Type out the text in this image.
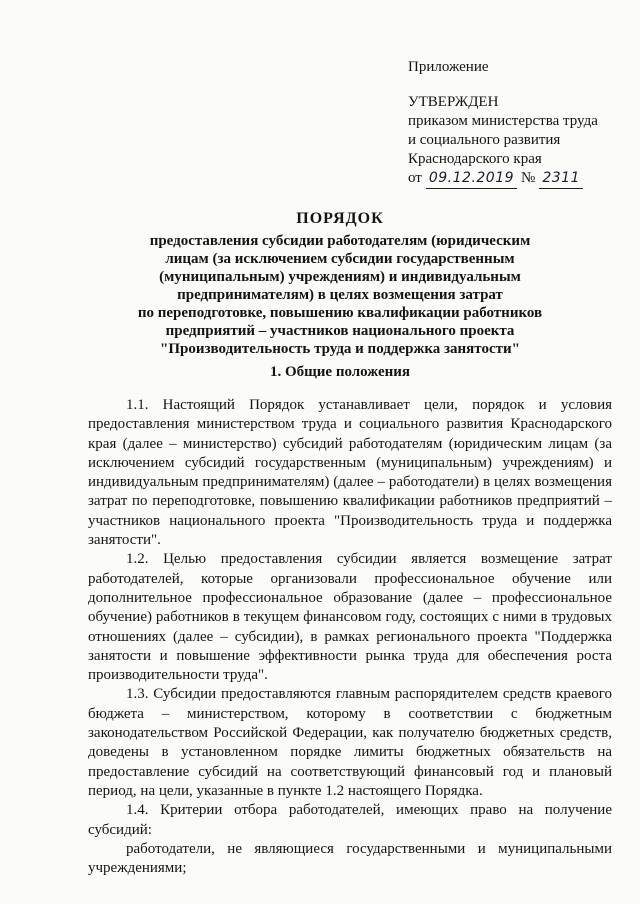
Приложение
УТВЕРЖДЕН
приказом министерства труда
и социального развития
Краснодарского края
от 09.12.2019 № 2311
ПОРЯДОК
предоставления субсидии работодателям (юридическим
лицам (за исключением субсидии государственным
(муниципальным) учреждениям) и индивидуальным
предпринимателям) в целях возмещения затрат
по переподготовке, повышению квалификации работников
предприятий – участников национального проекта
"Производительность труда и поддержка занятости"
1. Общие положения

1.1. Настоящий Порядок устанавливает цели, порядок и условия предоставления министерством труда и социального развития Краснодарского края (далее – министерство) субсидий работодателям (юридическим лицам (за исключением субсидий государственным (муниципальным) учреждениям) и индивидуальным предпринимателям) (далее – работодатели) в целях возмещения затрат по переподготовке, повышению квалификации работников предприятий – участников национального проекта "Производительность труда и поддержка занятости".

1.2. Целью предоставления субсидии является возмещение затрат работодателей, которые организовали профессиональное обучение или дополнительное профессиональное образование (далее – профессиональное обучение) работников в текущем финансовом году, состоящих с ними в трудовых отношениях (далее – субсидии), в рамках регионального проекта "Поддержка занятости и повышение эффективности рынка труда для обеспечения роста производительности труда".

1.3. Субсидии предоставляются главным распорядителем средств краевого бюджета – министерством, которому в соответствии с бюджетным законодательством Российской Федерации, как получателю бюджетных средств, доведены в установленном порядке лимиты бюджетных обязательств на предоставление субсидий на соответствующий финансовый год и плановый период, на цели, указанные в пункте 1.2 настоящего Порядка.

1.4. Критерии отбора работодателей, имеющих право на получение субсидий:

работодатели, не являющиеся государственными и муниципальными учреждениями;
